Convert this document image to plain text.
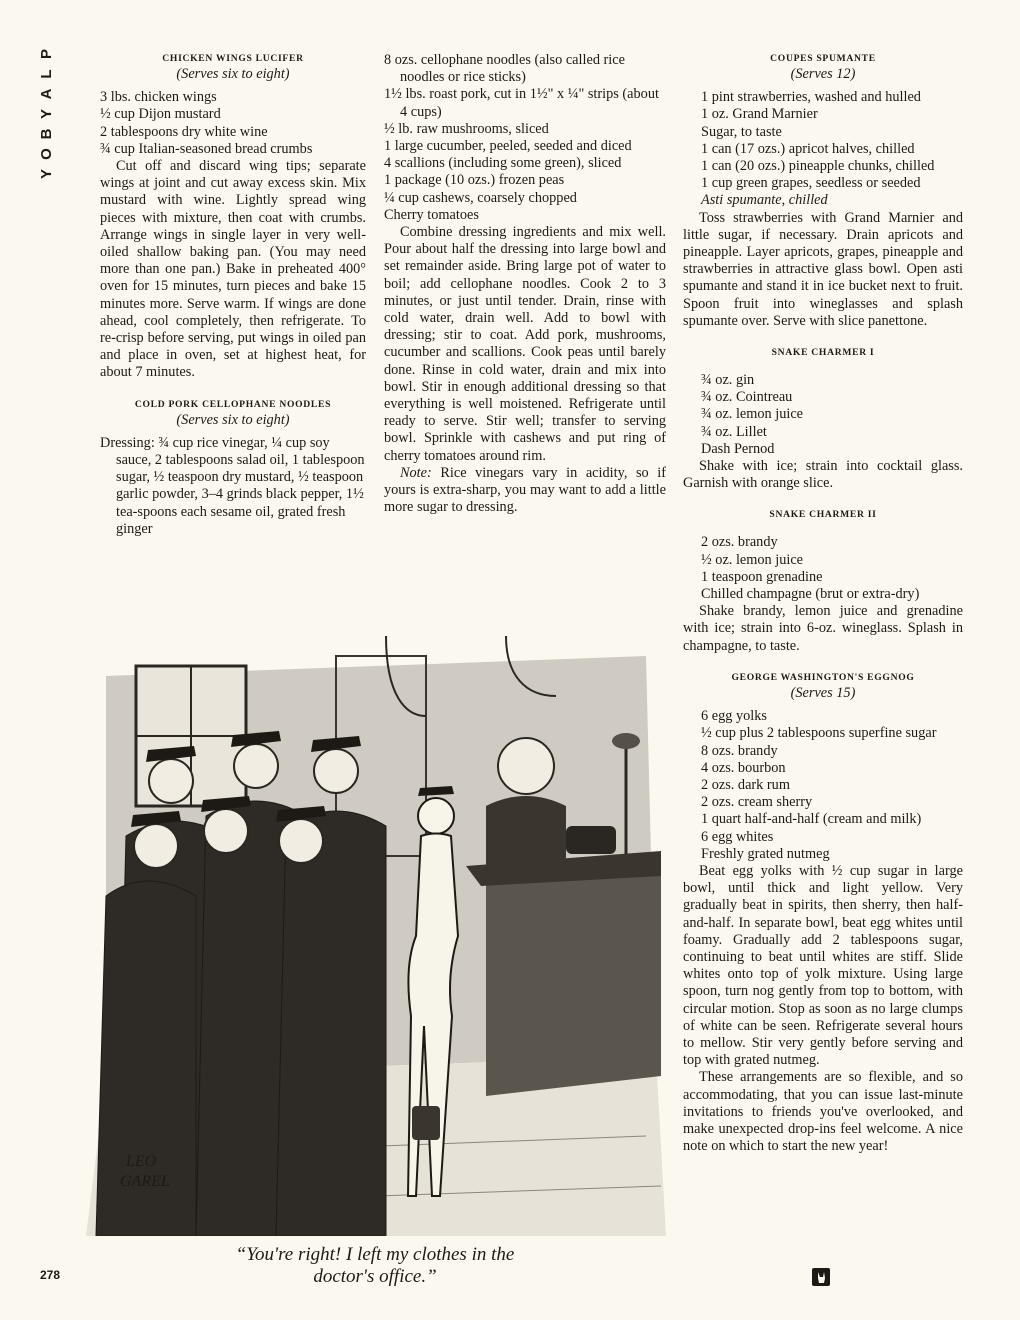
P
L
A
Y
B
O
Y

CHICKEN WINGS LUCIFER

(Serves six to eight)

3 lbs. chicken wings

½ cup Dijon mustard

2 tablespoons dry white wine

¾ cup Italian-seasoned bread crumbs

Cut off and discard wing tips; separate wings at joint and cut away excess skin. Mix mustard with wine. Lightly spread wing pieces with mixture, then coat with crumbs. Arrange wings in single layer in very well-oiled shallow baking pan. (You may need more than one pan.) Bake in preheated 400° oven for 15 minutes, turn pieces and bake 15 minutes more. Serve warm. If wings are done ahead, cool completely, then refrigerate. To re-crisp before serving, put wings in oiled pan and place in oven, set at highest heat, for about 7 minutes.

COLD PORK CELLOPHANE NOODLES

(Serves six to eight)

Dressing: ¾ cup rice vinegar, ¼ cup soy sauce, 2 tablespoons salad oil, 1 tablespoon sugar, ½ teaspoon dry mustard, ½ teaspoon garlic powder, 3–4 grinds black pepper, 1½ tea-spoons each sesame oil, grated fresh ginger

8 ozs. cellophane noodles (also called rice noodles or rice sticks)

1½ lbs. roast pork, cut in 1½" x ¼" strips (about 4 cups)

½ lb. raw mushrooms, sliced

1 large cucumber, peeled, seeded and diced

4 scallions (including some green), sliced

1 package (10 ozs.) frozen peas

¼ cup cashews, coarsely chopped

Cherry tomatoes

Combine dressing ingredients and mix well. Pour about half the dressing into large bowl and set remainder aside. Bring large pot of water to boil; add cellophane noodles. Cook 2 to 3 minutes, or just until tender. Drain, rinse with cold water, drain well. Add to bowl with dressing; stir to coat. Add pork, mushrooms, cucumber and scallions. Cook peas until barely done. Rinse in cold water, drain and mix into bowl. Stir in enough additional dressing so that everything is well moistened. Refrigerate until ready to serve. Stir well; transfer to serving bowl. Sprinkle with cashews and put ring of cherry tomatoes around rim.

Note: Rice vinegars vary in acidity, so if yours is extra-sharp, you may want to add a little more sugar to dressing.

COUPES SPUMANTE

(Serves 12)

1 pint strawberries, washed and hulled

1 oz. Grand Marnier

Sugar, to taste

1 can (17 ozs.) apricot halves, chilled

1 can (20 ozs.) pineapple chunks, chilled

1 cup green grapes, seedless or seeded

Asti spumante, chilled

Toss strawberries with Grand Marnier and little sugar, if necessary. Drain apricots and pineapple. Layer apricots, grapes, pineapple and strawberries in attractive glass bowl. Open asti spumante and stand it in ice bucket next to fruit. Spoon fruit into wineglasses and splash spumante over. Serve with slice panettone.

SNAKE CHARMER I

¾ oz. gin

¾ oz. Cointreau

¾ oz. lemon juice

¾ oz. Lillet

Dash Pernod

Shake with ice; strain into cocktail glass. Garnish with orange slice.

SNAKE CHARMER II

2 ozs. brandy

½ oz. lemon juice

1 teaspoon grenadine

Chilled champagne (brut or extra-dry)

Shake brandy, lemon juice and grenadine with ice; strain into 6-oz. wineglass. Splash in champagne, to taste.

GEORGE WASHINGTON'S EGGNOG

(Serves 15)

6 egg yolks

½ cup plus 2 tablespoons superfine sugar

8 ozs. brandy

4 ozs. bourbon

2 ozs. dark rum

2 ozs. cream sherry

1 quart half-and-half (cream and milk)

6 egg whites

Freshly grated nutmeg

Beat egg yolks with ½ cup sugar in large bowl, until thick and light yellow. Very gradually beat in spirits, then sherry, then half-and-half. In separate bowl, beat egg whites until foamy. Gradually add 2 tablespoons sugar, continuing to beat until whites are stiff. Slide whites onto top of yolk mixture. Using large spoon, turn nog gently from top to bottom, with circular motion. Stop as soon as no large clumps of white can be seen. Refrigerate several hours to mellow. Stir very gently before serving and top with grated nutmeg.

These arrangements are so flexible, and so accommodating, that you can issue last-minute invitations to friends you've overlooked, and make unexpected drop-ins feel welcome. A nice note on which to start the new year!

LEO
GAREL
“You're right! I left my clothes in the doctor's office.”
278
